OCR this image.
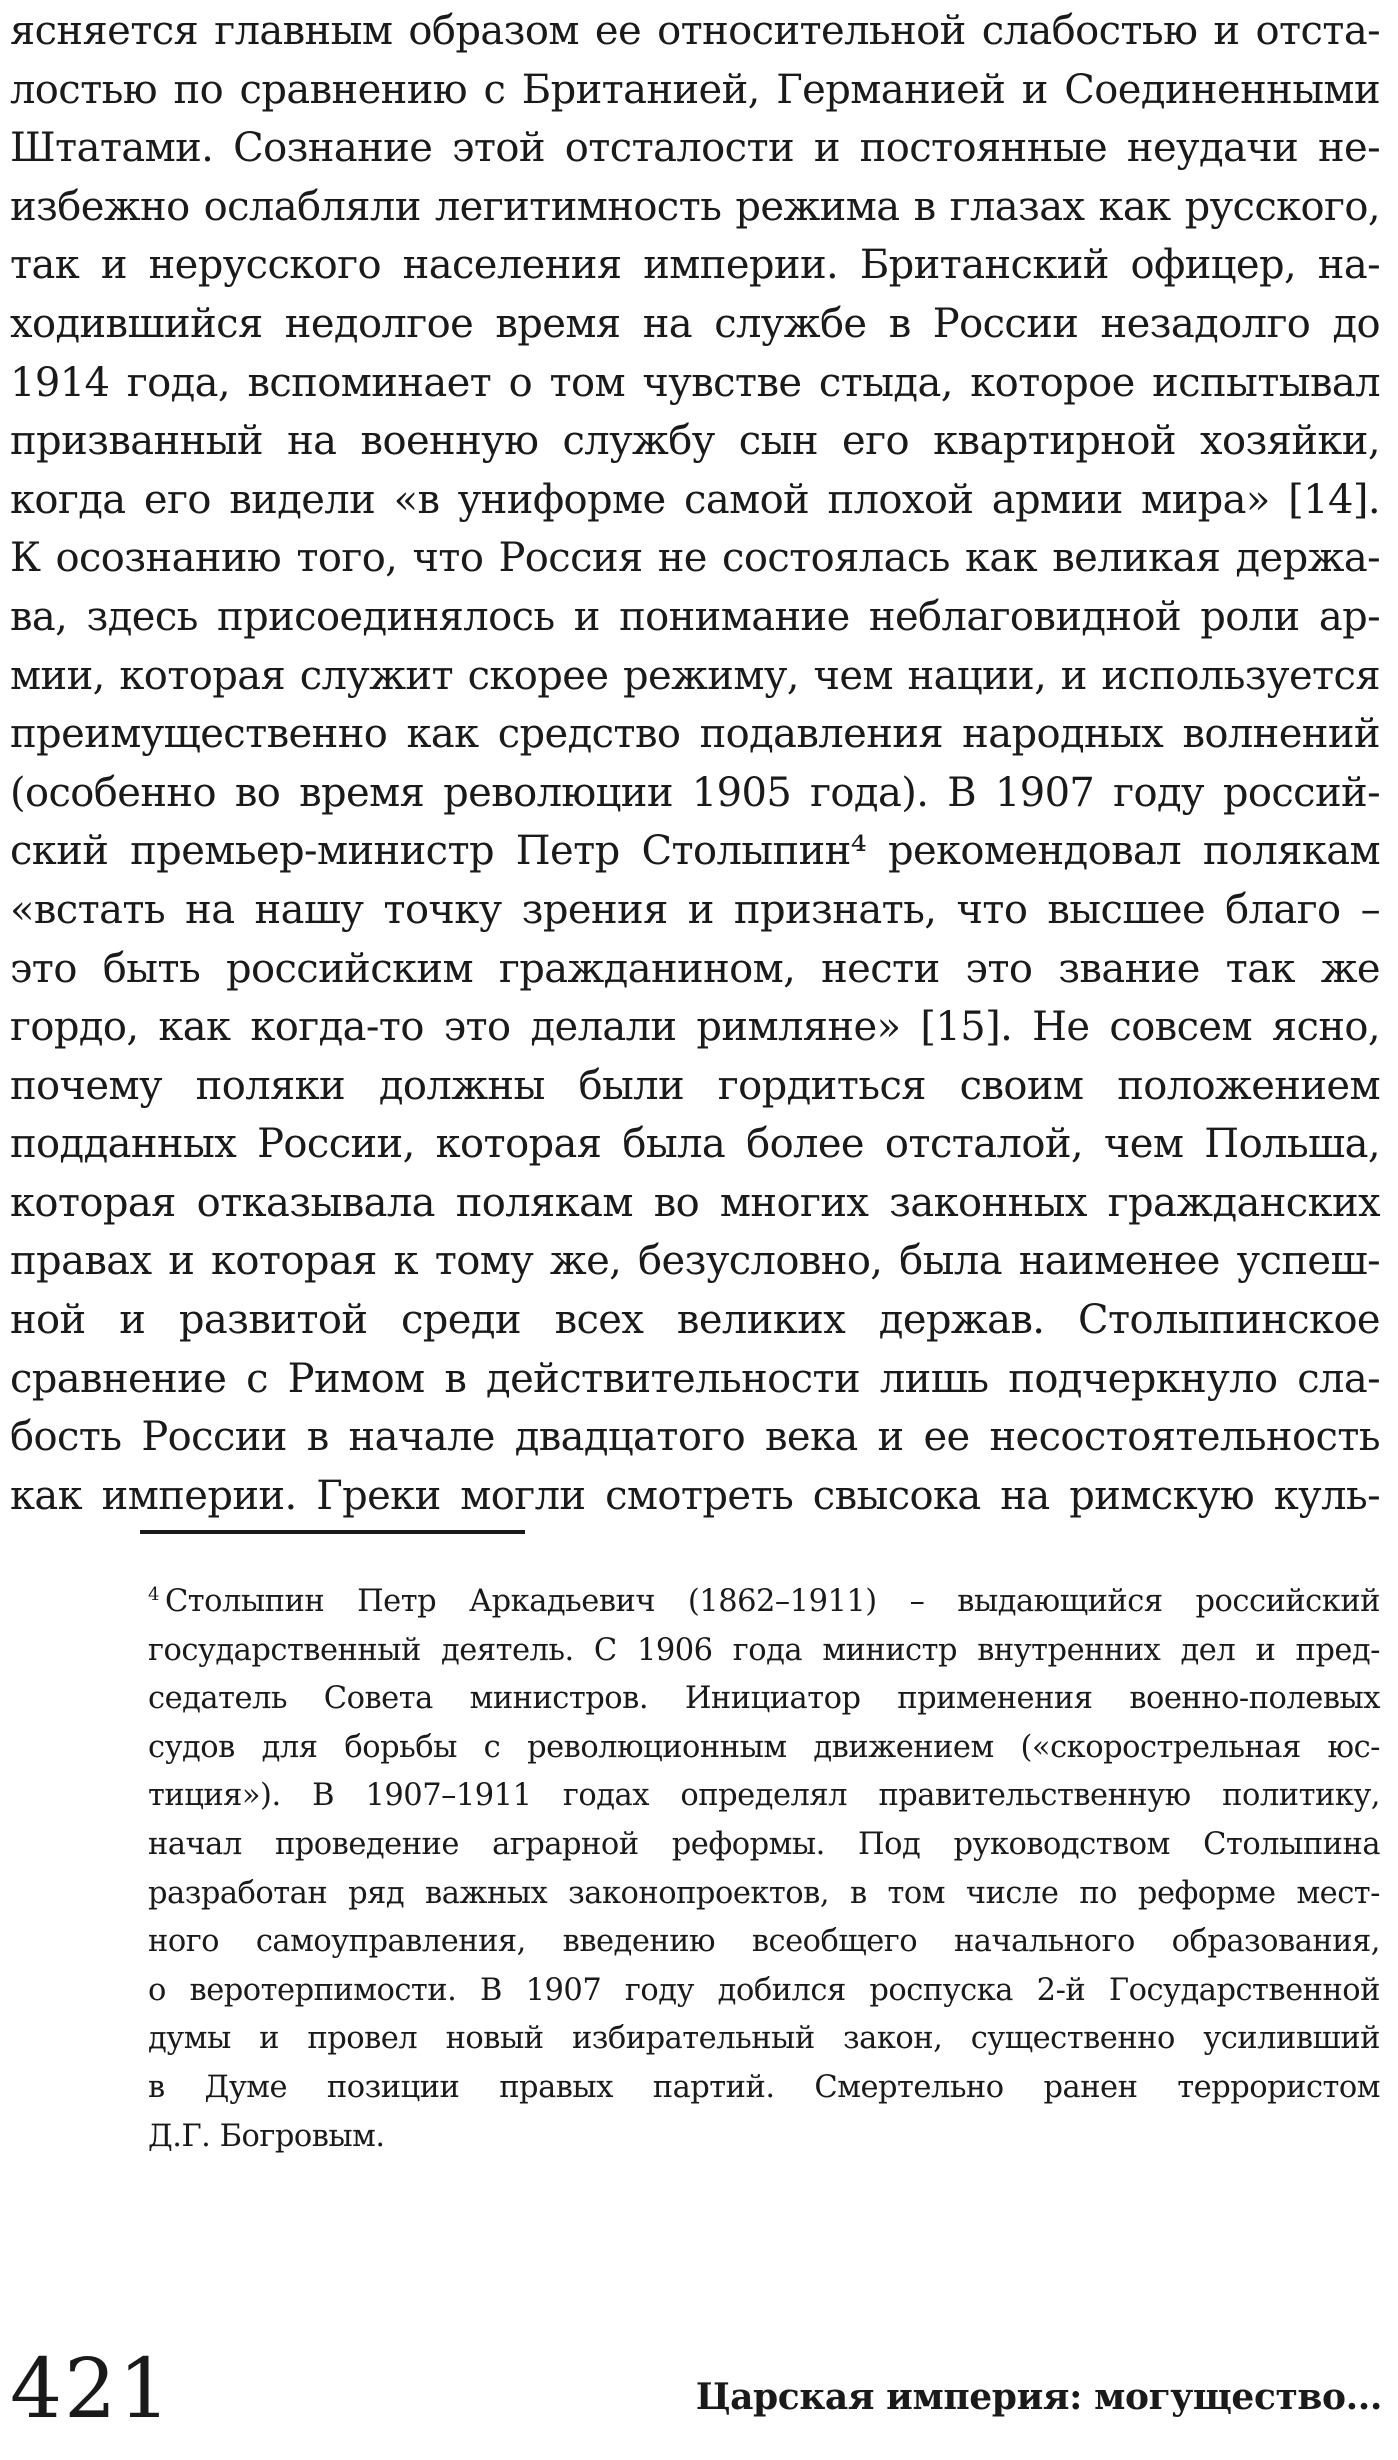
ясняется главным образом ее относительной слабостью и отста-
лостью по сравнению с Британией, Германией и Соединенными
Штатами. Сознание этой отсталости и постоянные неудачи не-
избежно ослабляли легитимность режима в глазах как русского,
так и нерусского населения империи. Британский офицер, на-
ходившийся недолгое время на службе в России незадолго до
1914 года, вспоминает о том чувстве стыда, которое испытывал
призванный на военную службу сын его квартирной хозяйки,
когда его видели «в униформе самой плохой армии мира» [14].
К осознанию того, что Россия не состоялась как великая держа-
ва, здесь присоединялось и понимание неблаговидной роли ар-
мии, которая служит скорее режиму, чем нации, и используется
преимущественно как средство подавления народных волнений
(особенно во время революции 1905 года). В 1907 году россий-
ский премьер-министр Петр Столыпин⁴ рекомендовал полякам
«встать на нашу точку зрения и признать, что высшее благо –
это быть российским гражданином, нести это звание так же
гордо, как когда-то это делали римляне» [15]. Не совсем ясно,
почему поляки должны были гордиться своим положением
подданных России, которая была более отсталой, чем Польша,
которая отказывала полякам во многих законных гражданских
правах и которая к тому же, безусловно, была наименее успеш-
ной и развитой среди всех великих держав. Столыпинское
сравнение с Римом в действительности лишь подчеркнуло сла-
бость России в начале двадцатого века и ее несостоятельность
как империи. Греки могли смотреть свысока на римскую куль-
$^4$ Столыпин Петр Аркадьевич (1862–1911) – выдающийся российский
государственный деятель. С 1906 года министр внутренних дел и пред-
седатель Совета министров. Инициатор применения военно-полевых
судов для борьбы с революционным движением («скорострельная юс-
тиция»). В 1907–1911 годах определял правительственную политику,
начал проведение аграрной реформы. Под руководством Столыпина
разработан ряд важных законопроектов, в том числе по реформе мест-
ного самоуправления, введению всеобщего начального образования,
о веротерпимости. В 1907 году добился роспуска 2-й Государственной
думы и провел новый избирательный закон, существенно усиливший
в Думе позиции правых партий. Смертельно ранен террористом
Д.Г. Богровым.
421	Царская империя: могущество...
